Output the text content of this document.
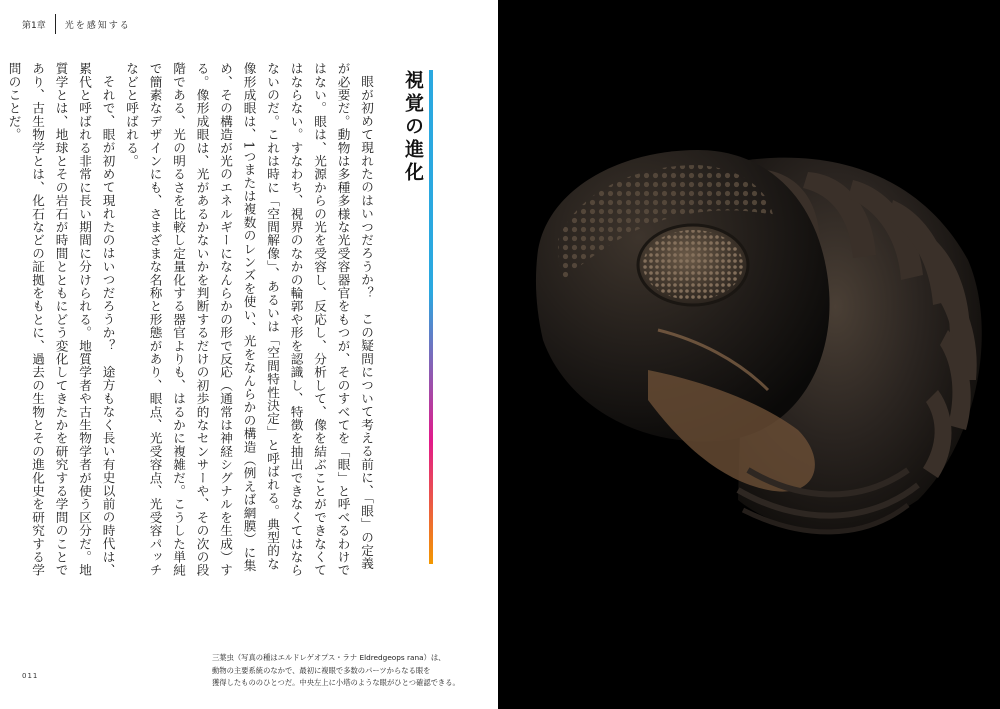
第1章 光を感知する
視覚の進化

眼が初めて現れたのはいつだろうか？　この疑問について考える前に、「眼」の定義が必要だ。動物は多種多様な光受容器官をもつが、そのすべてを「眼」と呼べるわけではない。眼は、光源からの光を受容し、反応し、分析して、像を結ぶことができなくてはならない。すなわち、視界のなかの輪郭や形を認識し、特徴を抽出できなくてはならないのだ。これは時に「空間解像」、あるいは「空間特性決定」と呼ばれる。典型的な像形成眼は、1つまたは複数のレンズを使い、光をなんらかの構造（例えば網膜）に集め、その構造が光のエネルギーになんらかの形で反応（通常は神経シグナルを生成）する。像形成眼は、光があるかないかを判断するだけの初歩的なセンサーや、その次の段階である、光の明るさを比較し定量化する器官よりも、はるかに複雑だ。こうした単純で簡素なデザインにも、さまざまな名称と形態があり、眼点、光受容点、光受容パッチなどと呼ばれる。

それで、眼が初めて現れたのはいつだろうか？　途方もなく長い有史以前の時代は、累代と呼ばれる非常に長い期間に分けられる。地質学者や古生物学者が使う区分だ。地質学とは、地球とその岩石が時間とともにどう変化してきたかを研究する学問のことであり、古生物学とは、化石などの証拠をもとに、過去の生物とその進化史を研究する学問のことだ。

三葉虫（写真の種はエルドレゲオプス・ラナ Eldredgeops rana）は、
動物の主要系統のなかで、最初に複眼で多数のパーツからなる眼を
獲得したもののひとつだ。中央左上に小塔のような眼がひとつ確認できる。
011
